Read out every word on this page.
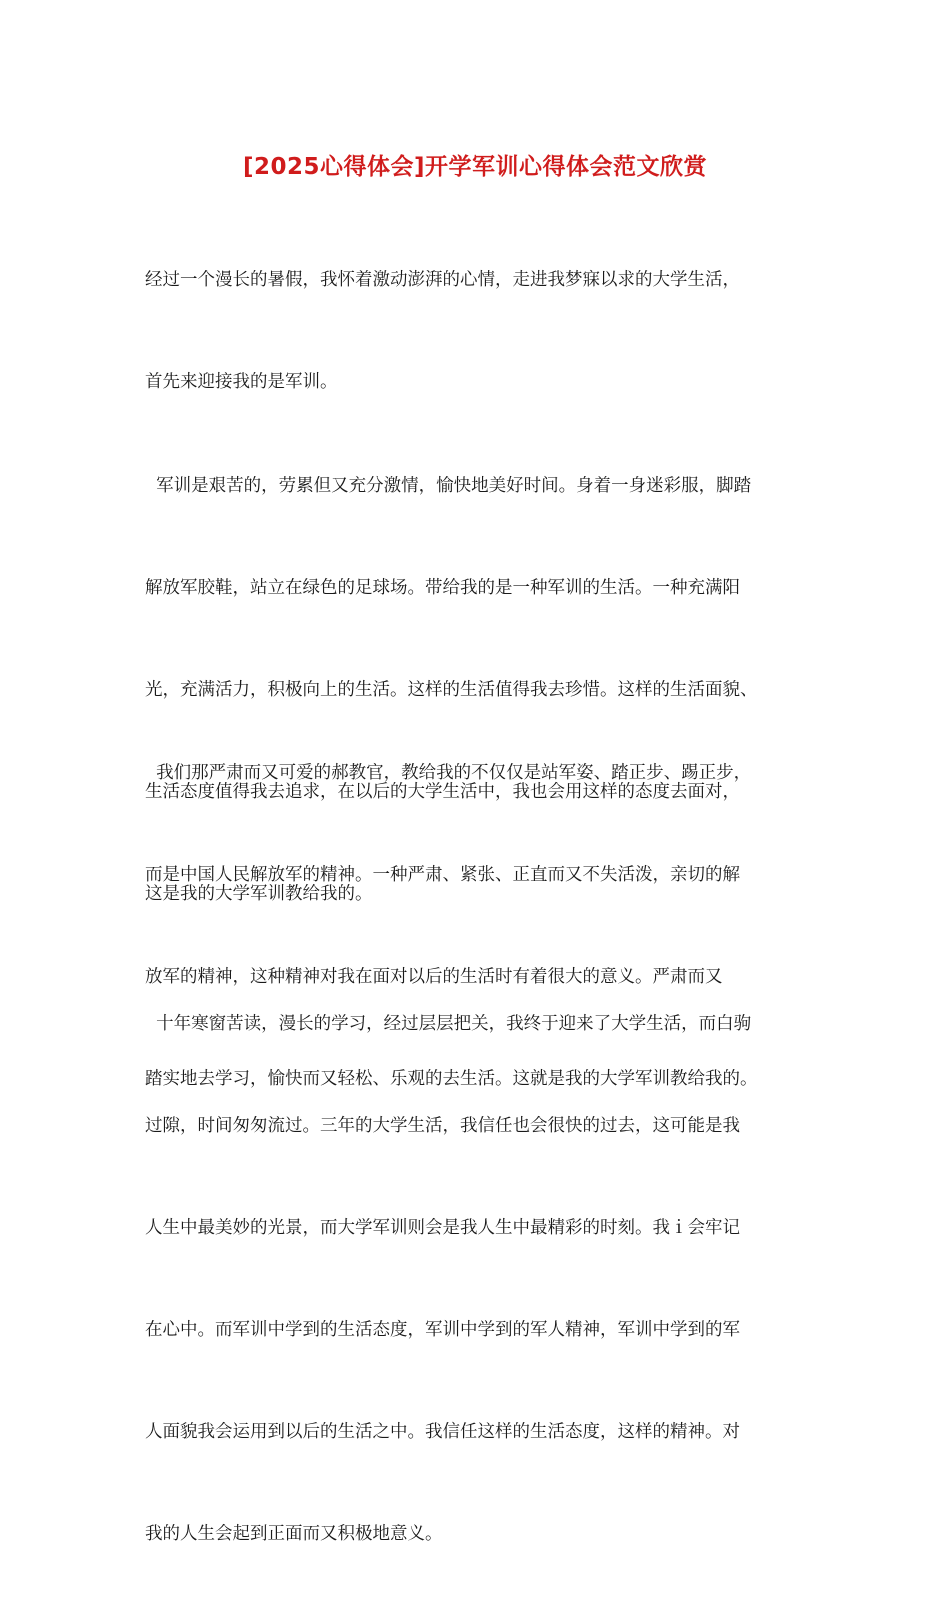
[2025心得体会]开学军训心得体会范文欣赏

经过一个漫长的暑假，我怀着激动澎湃的心情，走进我梦寐以求的大学生活，

首先来迎接我的是军训。

军训是艰苦的，劳累但又充分激情，愉快地美好时间。身着一身迷彩服，脚踏

解放军胶鞋，站立在绿色的足球场。带给我的是一种军训的生活。一种充满阳

光，充满活力，积极向上的生活。这样的生活值得我去珍惜。这样的生活面貌、

生活态度值得我去追求，在以后的大学生活中，我也会用这样的态度去面对，

这是我的大学军训教给我的。

我们那严肃而又可爱的郝教官，教给我的不仅仅是站军姿、踏正步、踢正步，

而是中国人民解放军的精神。一种严肃、紧张、正直而又不失活泼，亲切的解

放军的精神，这种精神对我在面对以后的生活时有着很大的意义。严肃而又

踏实地去学习，愉快而又轻松、乐观的去生活。这就是我的大学军训教给我的。

十年寒窗苦读，漫长的学习，经过层层把关，我终于迎来了大学生活，而白驹

过隙，时间匆匆流过。三年的大学生活，我信任也会很快的过去，这可能是我

人生中最美妙的光景，而大学军训则会是我人生中最精彩的时刻。我ｉ会牢记

在心中。而军训中学到的生活态度，军训中学到的军人精神，军训中学到的军

人面貌我会运用到以后的生活之中。我信任这样的生活态度，这样的精神。对

我的人生会起到正面而又积极地意义。
